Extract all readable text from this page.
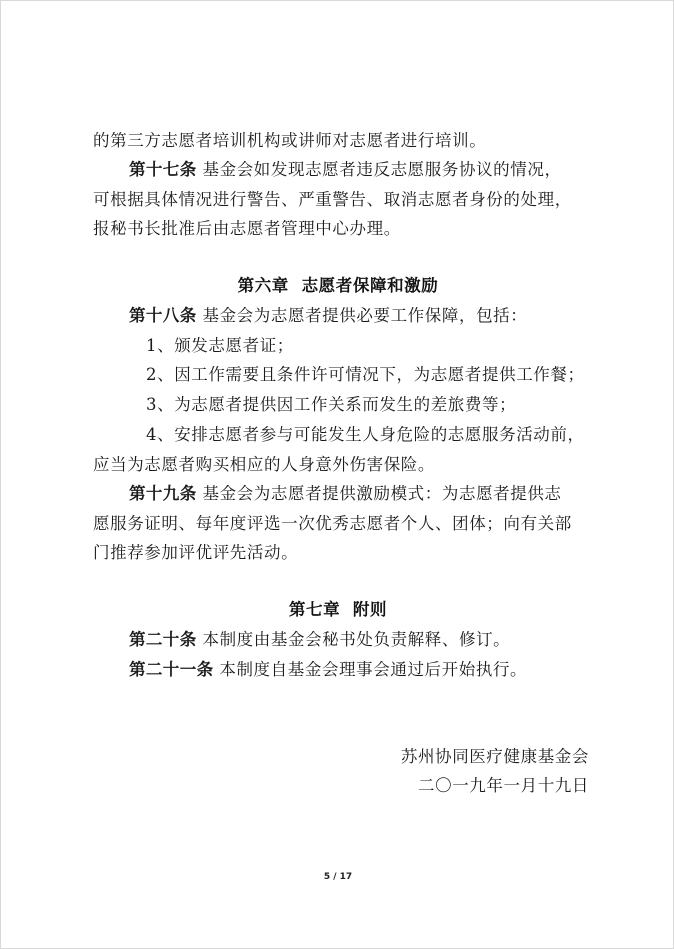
的第三方志愿者培训机构或讲师对志愿者进行培训。
第十七条 基金会如发现志愿者违反志愿服务协议的情况，
可根据具体情况进行警告、严重警告、取消志愿者身份的处理，
报秘书长批准后由志愿者管理中心办理。
第六章  志愿者保障和激励
第十八条 基金会为志愿者提供必要工作保障，包括：
1、颁发志愿者证；
2、因工作需要且条件许可情况下，为志愿者提供工作餐；
3、为志愿者提供因工作关系而发生的差旅费等；
4、安排志愿者参与可能发生人身危险的志愿服务活动前，
应当为志愿者购买相应的人身意外伤害保险。
第十九条 基金会为志愿者提供激励模式：为志愿者提供志
愿服务证明、每年度评选一次优秀志愿者个人、团体；向有关部
门推荐参加评优评先活动。
第七章  附则
第二十条 本制度由基金会秘书处负责解释、修订。
第二十一条 本制度自基金会理事会通过后开始执行。
苏州协同医疗健康基金会
二〇一九年一月十九日
5 / 17
